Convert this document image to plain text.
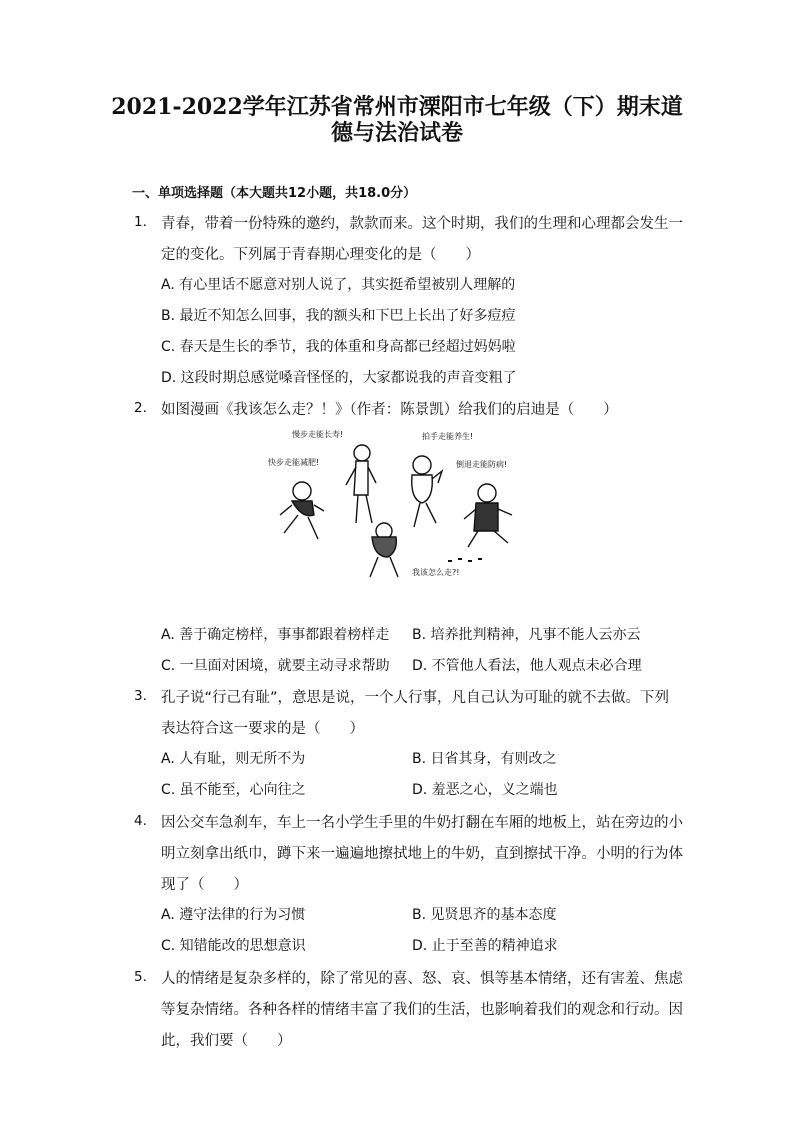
2021-2022学年江苏省常州市溧阳市七年级（下）期末道
德与法治试卷
一、单项选择题（本大题共12小题，共18.0分）
1. 青春，带着一份特殊的邀约，款款而来。这个时期，我们的生理和心理都会发生一
定的变化。下列属于青春期心理变化的是（　　）
A. 有心里话不愿意对别人说了，其实挺希望被别人理解的
B. 最近不知怎么回事，我的额头和下巴上长出了好多痘痘
C. 春天是生长的季节，我的体重和身高都已经超过妈妈啦
D. 这段时期总感觉嗓音怪怪的，大家都说我的声音变粗了
2. 如图漫画《我该怎么走？！》（作者：陈景凯）给我们的启迪是（　　）
慢步走能长寿!
快步走能减肥!
拍手走能养生!
倒退走能防病!
我该怎么走?!
A. 善于确定榜样，事事都跟着榜样走 B. 培养批判精神，凡事不能人云亦云
C. 一旦面对困境，就要主动寻求帮助 D. 不管他人看法，他人观点未必合理
3. 孔子说“行己有耻”，意思是说，一个人行事，凡自己认为可耻的就不去做。下列
表达符合这一要求的是（　　）
A. 人有耻，则无所不为	B. 日省其身，有则改之
C. 虽不能至，心向往之	D. 羞恶之心，义之端也
4. 因公交车急刹车，车上一名小学生手里的牛奶打翻在车厢的地板上，站在旁边的小
明立刻拿出纸巾，蹲下来一遍遍地擦拭地上的牛奶，直到擦拭干净。小明的行为体
现了（　　）
A. 遵守法律的行为习惯	B. 见贤思齐的基本态度
C. 知错能改的思想意识	D. 止于至善的精神追求
5. 人的情绪是复杂多样的，除了常见的喜、怒、哀、惧等基本情绪，还有害羞、焦虑
等复杂情绪。各种各样的情绪丰富了我们的生活，也影响着我们的观念和行动。因
此，我们要（　　）
